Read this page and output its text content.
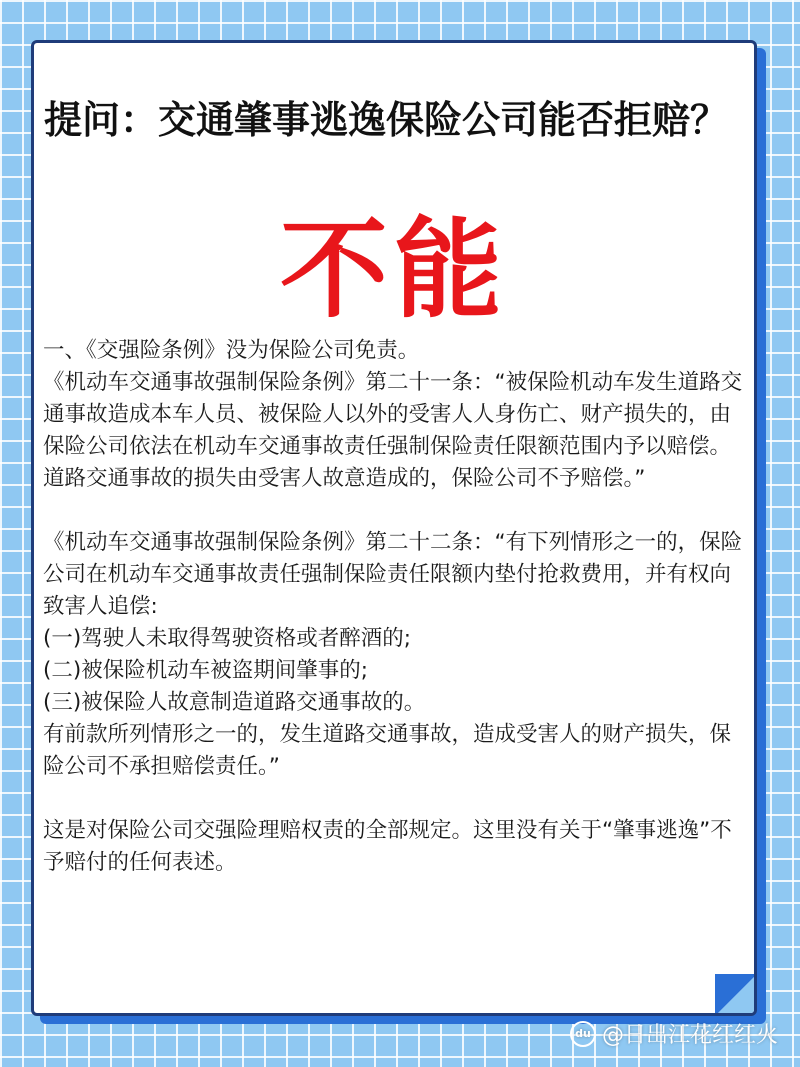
提问：交通肇事逃逸保险公司能否拒赔？
不能

一、《交强险条例》没为保险公司免责。

《机动车交通事故强制保险条例》第二十一条：“被保险机动车发生道路交通事故造成本车人员、被保险人以外的受害人人身伤亡、财产损失的，由保险公司依法在机动车交通事故责任强制保险责任限额范围内予以赔偿。道路交通事故的损失由受害人故意造成的，保险公司不予赔偿。”

《机动车交通事故强制保险条例》第二十二条：“有下列情形之一的，保险公司在机动车交通事故责任强制保险责任限额内垫付抢救费用，并有权向致害人追偿:

(一)驾驶人未取得驾驶资格或者醉酒的;

(二)被保险机动车被盗期间肇事的;

(三)被保险人故意制造道路交通事故的。

有前款所列情形之一的，发生道路交通事故，造成受害人的财产损失，保险公司不承担赔偿责任。”

这是对保险公司交强险理赔权责的全部规定。这里没有关于“肇事逃逸”不予赔付的任何表述。

du @日出江花红红火
